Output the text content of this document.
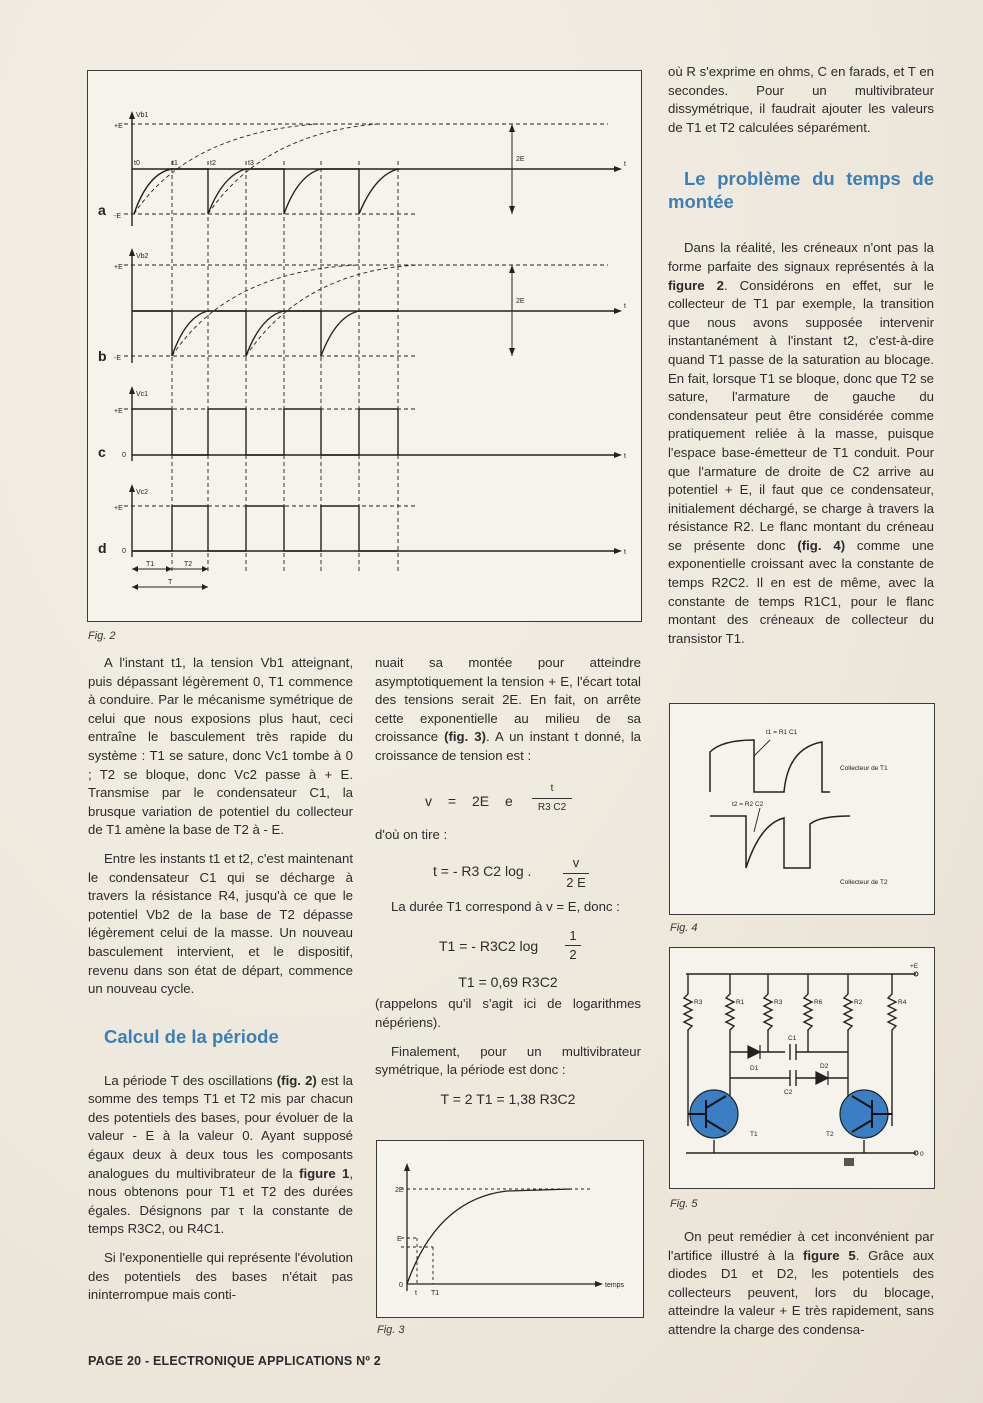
Vb1
+E
-E
2E
t
t0	t1	t2	t3
Vb2
+E
-E
2E
t
Vc1
+E
0	t
Vc2
+E
0	t
T1	T2
T
a
b
c
d
Fig. 2

A l'instant t1, la tension Vb1 atteignant, puis dépassant légèrement 0, T1 commence à conduire. Par le mécanisme symétrique de celui que nous exposions plus haut, ceci entraîne le basculement très rapide du système : T1 se sature, donc Vc1 tombe à 0 ; T2 se bloque, donc Vc2 passe à + E. Transmise par le condensateur C1, la brusque variation de potentiel du collecteur de T1 amène la base de T2 à - E.

Entre les instants t1 et t2, c'est maintenant le condensateur C1 qui se décharge à travers la résistance R4, jusqu'à ce que le potentiel Vb2 de la base de T2 dépasse légèrement celui de la masse. Un nouveau basculement intervient, et le dispositif, revenu dans son état de départ, commence un nouveau cycle.

Calcul de la période

La période T des oscillations (fig. 2) est la somme des temps T1 et T2 mis par chacun des potentiels des bases, pour évoluer de la valeur - E à la valeur 0. Ayant supposé égaux deux à deux tous les composants analogues du multivibrateur de la figure 1, nous obtenons pour T1 et T2 des durées égales. Désignons par τ la constante de temps R3C2, ou R4C1.

Si l'exponentielle qui représente l'évolution des potentiels des bases n'était pas ininterrompue mais conti-

nuait sa montée pour atteindre asymptotiquement la tension + E, l'écart total des tensions serait 2E. En fait, on arrête cette exponentielle au milieu de sa croissance (fig. 3). A un instant t donné, la croissance de tension est :

v = 2E e
t
R3 C2

d'où on tire :

t = - R3 C2 log .
v
2 E

La durée T1 correspond à v = E, donc :

T1 = - R3C2 log
1
2
T1 = 0,69 R3C2

(rappelons qu'il s'agit ici de logarithmes népériens).

Finalement, pour un multivibrateur symétrique, la période est donc :

T = 2 T1 = 1,38 R3C2
2E
E
0
t T1
temps
Fig. 3

où R s'exprime en ohms, C en farads, et T en secondes. Pour un multivibrateur dissymétrique, il faudrait ajouter les valeurs de T1 et T2 calculées séparément.

Le problème du temps de montée

Dans la réalité, les créneaux n'ont pas la forme parfaite des signaux représentés à la figure 2. Considérons en effet, sur le collecteur de T1 par exemple, la transition que nous avons supposée intervenir instantanément à l'instant t2, c'est-à-dire quand T1 passe de la saturation au blocage. En fait, lorsque T1 se bloque, donc que T2 se sature, l'armature de gauche du condensateur peut être considérée comme pratiquement reliée à la masse, puisque l'espace base-émetteur de T1 conduit. Pour que l'armature de droite de C2 arrive au potentiel + E, il faut que ce condensateur, initialement déchargé, se charge à travers la résistance R2. Le flanc montant du créneau se présente donc (fig. 4) comme une exponentielle croissant avec la constante de temps R2C2. Il en est de même, avec la constante de temps R1C1, pour le flanc montant des créneaux de collecteur du transistor T1.

t1 = R1 C1
t2 = R2 C2
Collecteur de T1
Collecteur de T2
Fig. 4
R3	R1	R3	R6	R2	R4
+E
0
C1
C2
D1	D2
T1	T2
Fig. 5

On peut remédier à cet inconvénient par l'artifice illustré à la figure 5. Grâce aux diodes D1 et D2, les potentiels des collecteurs peuvent, lors du blocage, atteindre la valeur + E très rapidement, sans attendre la charge des condensa-

PAGE 20 - ELECTRONIQUE APPLICATIONS Nº 2
